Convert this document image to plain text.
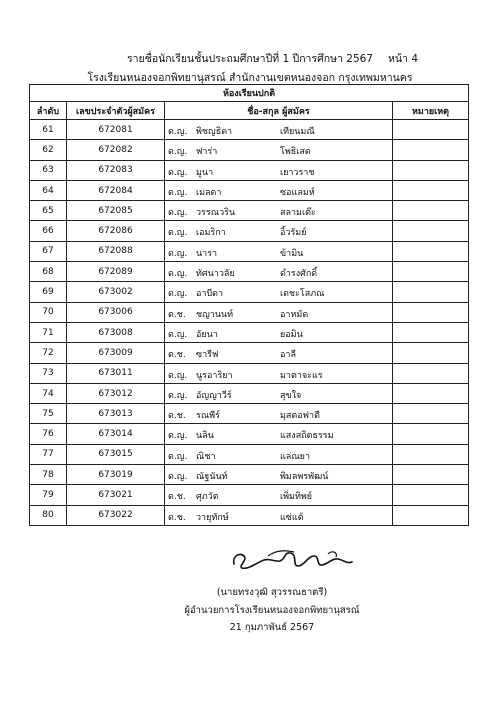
รายชื่อนักเรียนชั้นประถมศึกษาปีที่ 1 ปีการศึกษา 2567	หน้า 4
โรงเรียนหนองจอกพิทยานุสรณ์ สำนักงานเขตหนองจอก กรุงเทพมหานคร
ห้องเรียนปกติ			
ลำดับ	เลขประจำตัวผู้สมัคร	ชื่อ-สกุล ผู้สมัคร	หมายเหตุ
61	672081	ด.ญ. พิชญธิดา เทียนมณี	

62	672082	ด.ญ. ฟาร่า โพธิเสด	

63	672083	ด.ญ. มูนา เยาวราช	

64	672084	ด.ญ. เมลดา ซอแลมห์	

65	672085	ด.ญ. วรรณวริน สลามเต๊ะ	

66	672086	ด.ญ. เอมริกา อิ้วรัมย์	

67	672088	ด.ญ. นารา ข้ามิน	

68	672089	ด.ญ. ทัศนาวลัย ดำรงศักดิ์	

69	673002	ด.ญ. อาบีดา เดชะโสภณ	

70	673006	ด.ช. ชญานนท์ อาหมัด	

71	673008	ด.ญ. อัยนา ยอมิน	

72	673009	ด.ช. ซารีฟ อาลี	

73	673011	ด.ญ. นูรอาริยา มาตาจะแร	

74	673012	ด.ญ. อัญญาวีร์ สุขใจ	

75	673013	ด.ช. รณพีร์ มุสตอฟาดี	

76	673014	ด.ญ. นลิน แสงสถิตธรรม	

77	673015	ด.ญ. ณิชา แล่ณยา	

78	673019	ด.ญ. ณัฐนันท์ พิมลพรพัฒน์	

79	673021	ด.ช. ศุภวัต เพิ่มทิพย์	

80	673022	ด.ช. วายุทักษ์ แซ่แต้	

(นายทรงวุฒิ สุวรรณธาตรี)
ผู้อำนวยการโรงเรียนหนองจอกพิทยานุสรณ์
21 กุมภาพันธ์ 2567
